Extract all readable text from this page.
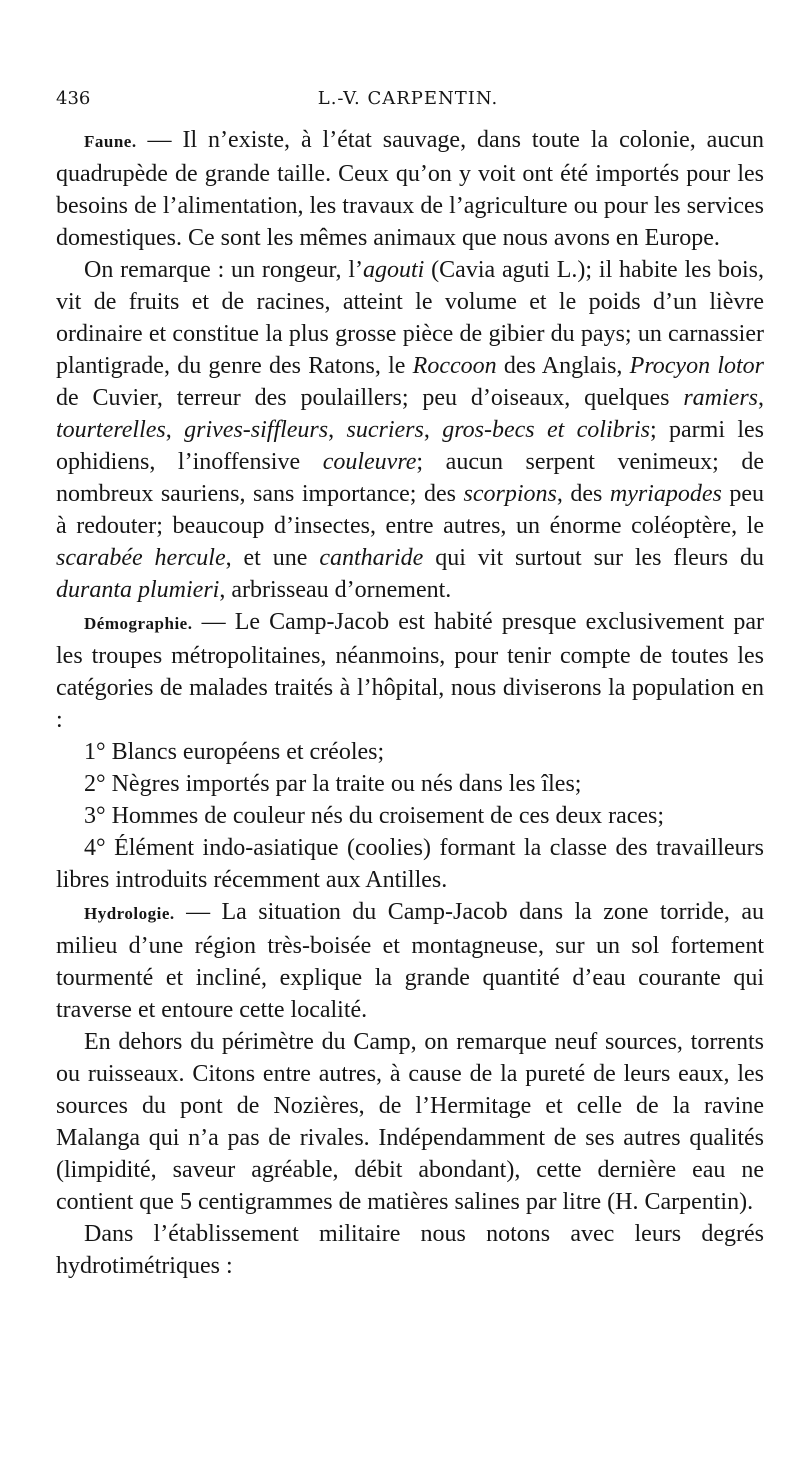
436	L.-V. CARPENTIN.

Faune. — Il n’existe, à l’état sauvage, dans toute la colonie, aucun quadrupède de grande taille. Ceux qu’on y voit ont été importés pour les besoins de l’alimentation, les travaux de l’agriculture ou pour les services domestiques. Ce sont les mêmes animaux que nous avons en Europe.

On remarque : un rongeur, l’agouti (Cavia aguti L.); il habite les bois, vit de fruits et de racines, atteint le volume et le poids d’un lièvre ordinaire et constitue la plus grosse pièce de gibier du pays; un carnassier plantigrade, du genre des Ratons, le Roccoon des Anglais, Procyon lotor de Cuvier, terreur des poulaillers; peu d’oiseaux, quelques ramiers, tourterelles, grives-siffleurs, sucriers, gros-becs et colibris; parmi les ophidiens, l’inoffensive couleuvre; aucun serpent venimeux; de nombreux sauriens, sans importance; des scorpions, des myriapodes peu à redouter; beaucoup d’insectes, entre autres, un énorme coléoptère, le scarabée hercule, et une cantharide qui vit surtout sur les fleurs du duranta plumieri, arbrisseau d’ornement.

Démographie. — Le Camp-Jacob est habité presque exclusivement par les troupes métropolitaines, néanmoins, pour tenir compte de toutes les catégories de malades traités à l’hôpital, nous diviserons la population en :

1° Blancs européens et créoles;

2° Nègres importés par la traite ou nés dans les îles;

3° Hommes de couleur nés du croisement de ces deux races;

4° Élément indo-asiatique (coolies) formant la classe des travailleurs libres introduits récemment aux Antilles.

Hydrologie. — La situation du Camp-Jacob dans la zone torride, au milieu d’une région très-boisée et montagneuse, sur un sol fortement tourmenté et incliné, explique la grande quantité d’eau courante qui traverse et entoure cette localité.

En dehors du périmètre du Camp, on remarque neuf sources, torrents ou ruisseaux. Citons entre autres, à cause de la pureté de leurs eaux, les sources du pont de Nozières, de l’Hermitage et celle de la ravine Malanga qui n’a pas de rivales. Indépendamment de ses autres qualités (limpidité, saveur agréable, débit abondant), cette dernière eau ne contient que 5 centigrammes de matières salines par litre (H. Carpentin).

Dans l’établissement militaire nous notons avec leurs degrés hydrotimétriques :
